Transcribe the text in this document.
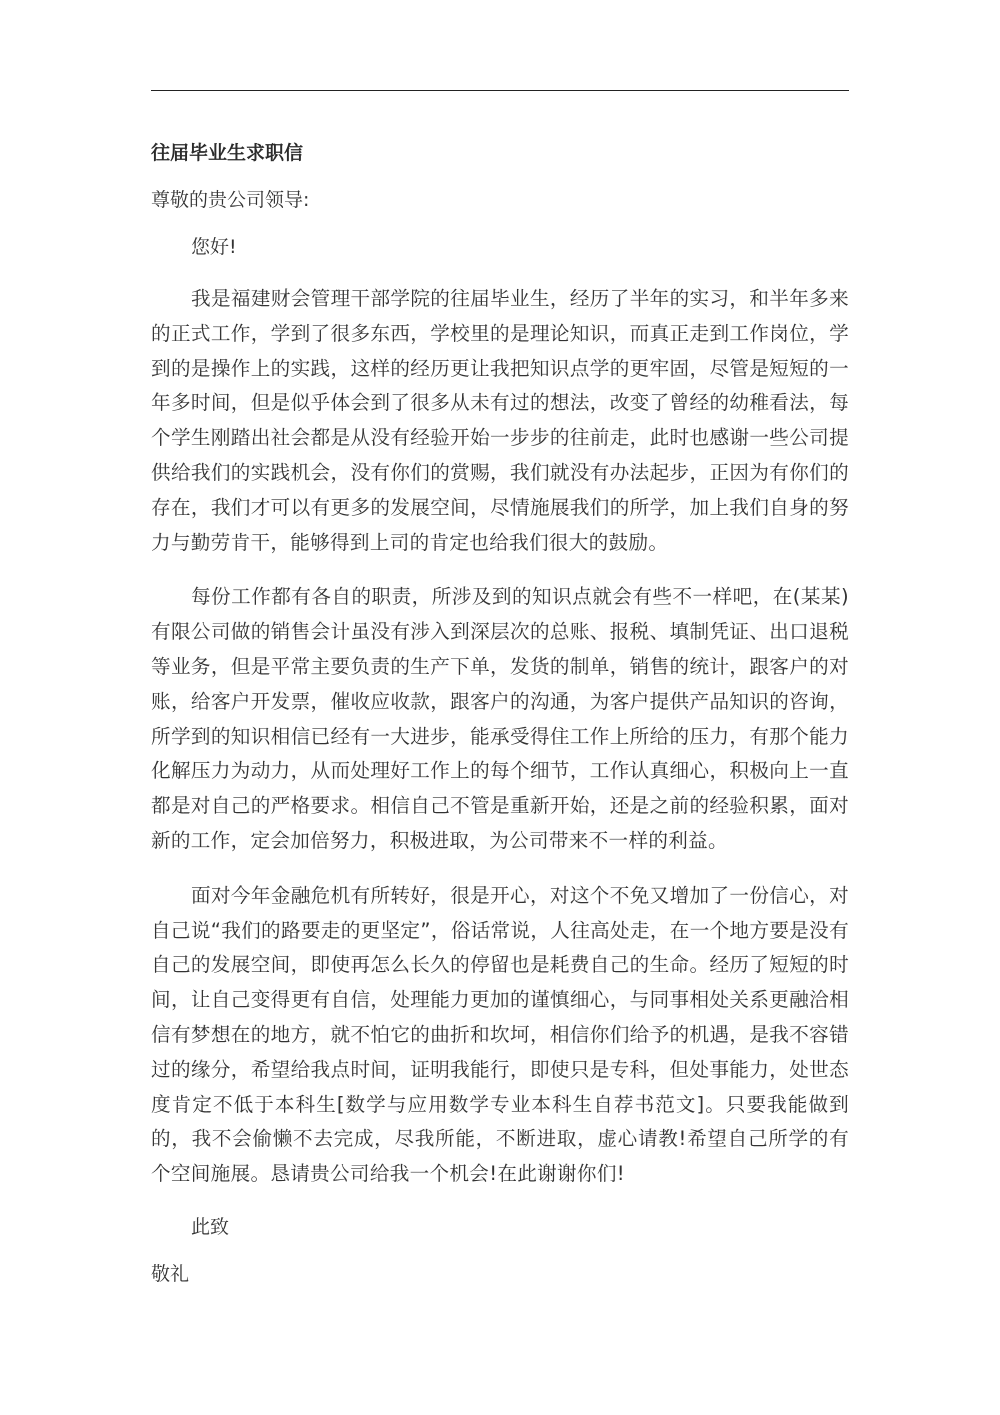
往届毕业生求职信
尊敬的贵公司领导:
您好!

我是福建财会管理干部学院的往届毕业生，经历了半年的实习，和半年多来的正式工作，学到了很多东西，学校里的是理论知识，而真正走到工作岗位，学到的是操作上的实践，这样的经历更让我把知识点学的更牢固，尽管是短短的一年多时间，但是似乎体会到了很多从未有过的想法，改变了曾经的幼稚看法，每个学生刚踏出社会都是从没有经验开始一步步的往前走，此时也感谢一些公司提供给我们的实践机会，没有你们的赏赐，我们就没有办法起步，正因为有你们的存在，我们才可以有更多的发展空间，尽情施展我们的所学，加上我们自身的努力与勤劳肯干，能够得到上司的肯定也给我们很大的鼓励。

每份工作都有各自的职责，所涉及到的知识点就会有些不一样吧，在(某某)有限公司做的销售会计虽没有涉入到深层次的总账、报税、填制凭证、出口退税等业务，但是平常主要负责的生产下单，发货的制单，销售的统计，跟客户的对账，给客户开发票，催收应收款，跟客户的沟通，为客户提供产品知识的咨询，所学到的知识相信已经有一大进步，能承受得住工作上所给的压力，有那个能力化解压力为动力，从而处理好工作上的每个细节，工作认真细心，积极向上一直都是对自己的严格要求。相信自己不管是重新开始，还是之前的经验积累，面对新的工作，定会加倍努力，积极进取，为公司带来不一样的利益。

面对今年金融危机有所转好，很是开心，对这个不免又增加了一份信心，对自己说“我们的路要走的更坚定”，俗话常说，人往高处走，在一个地方要是没有自己的发展空间，即使再怎么长久的停留也是耗费自己的生命。经历了短短的时间，让自己变得更有自信，处理能力更加的谨慎细心，与同事相处关系更融洽相信有梦想在的地方，就不怕它的曲折和坎坷，相信你们给予的机遇，是我不容错过的缘分，希望给我点时间，证明我能行，即使只是专科，但处事能力，处世态度肯定不低于本科生[数学与应用数学专业本科生自荐书范文]。只要我能做到的，我不会偷懒不去完成，尽我所能，不断进取，虚心请教!希望自己所学的有个空间施展。恳请贵公司给我一个机会!在此谢谢你们!

此致
敬礼
